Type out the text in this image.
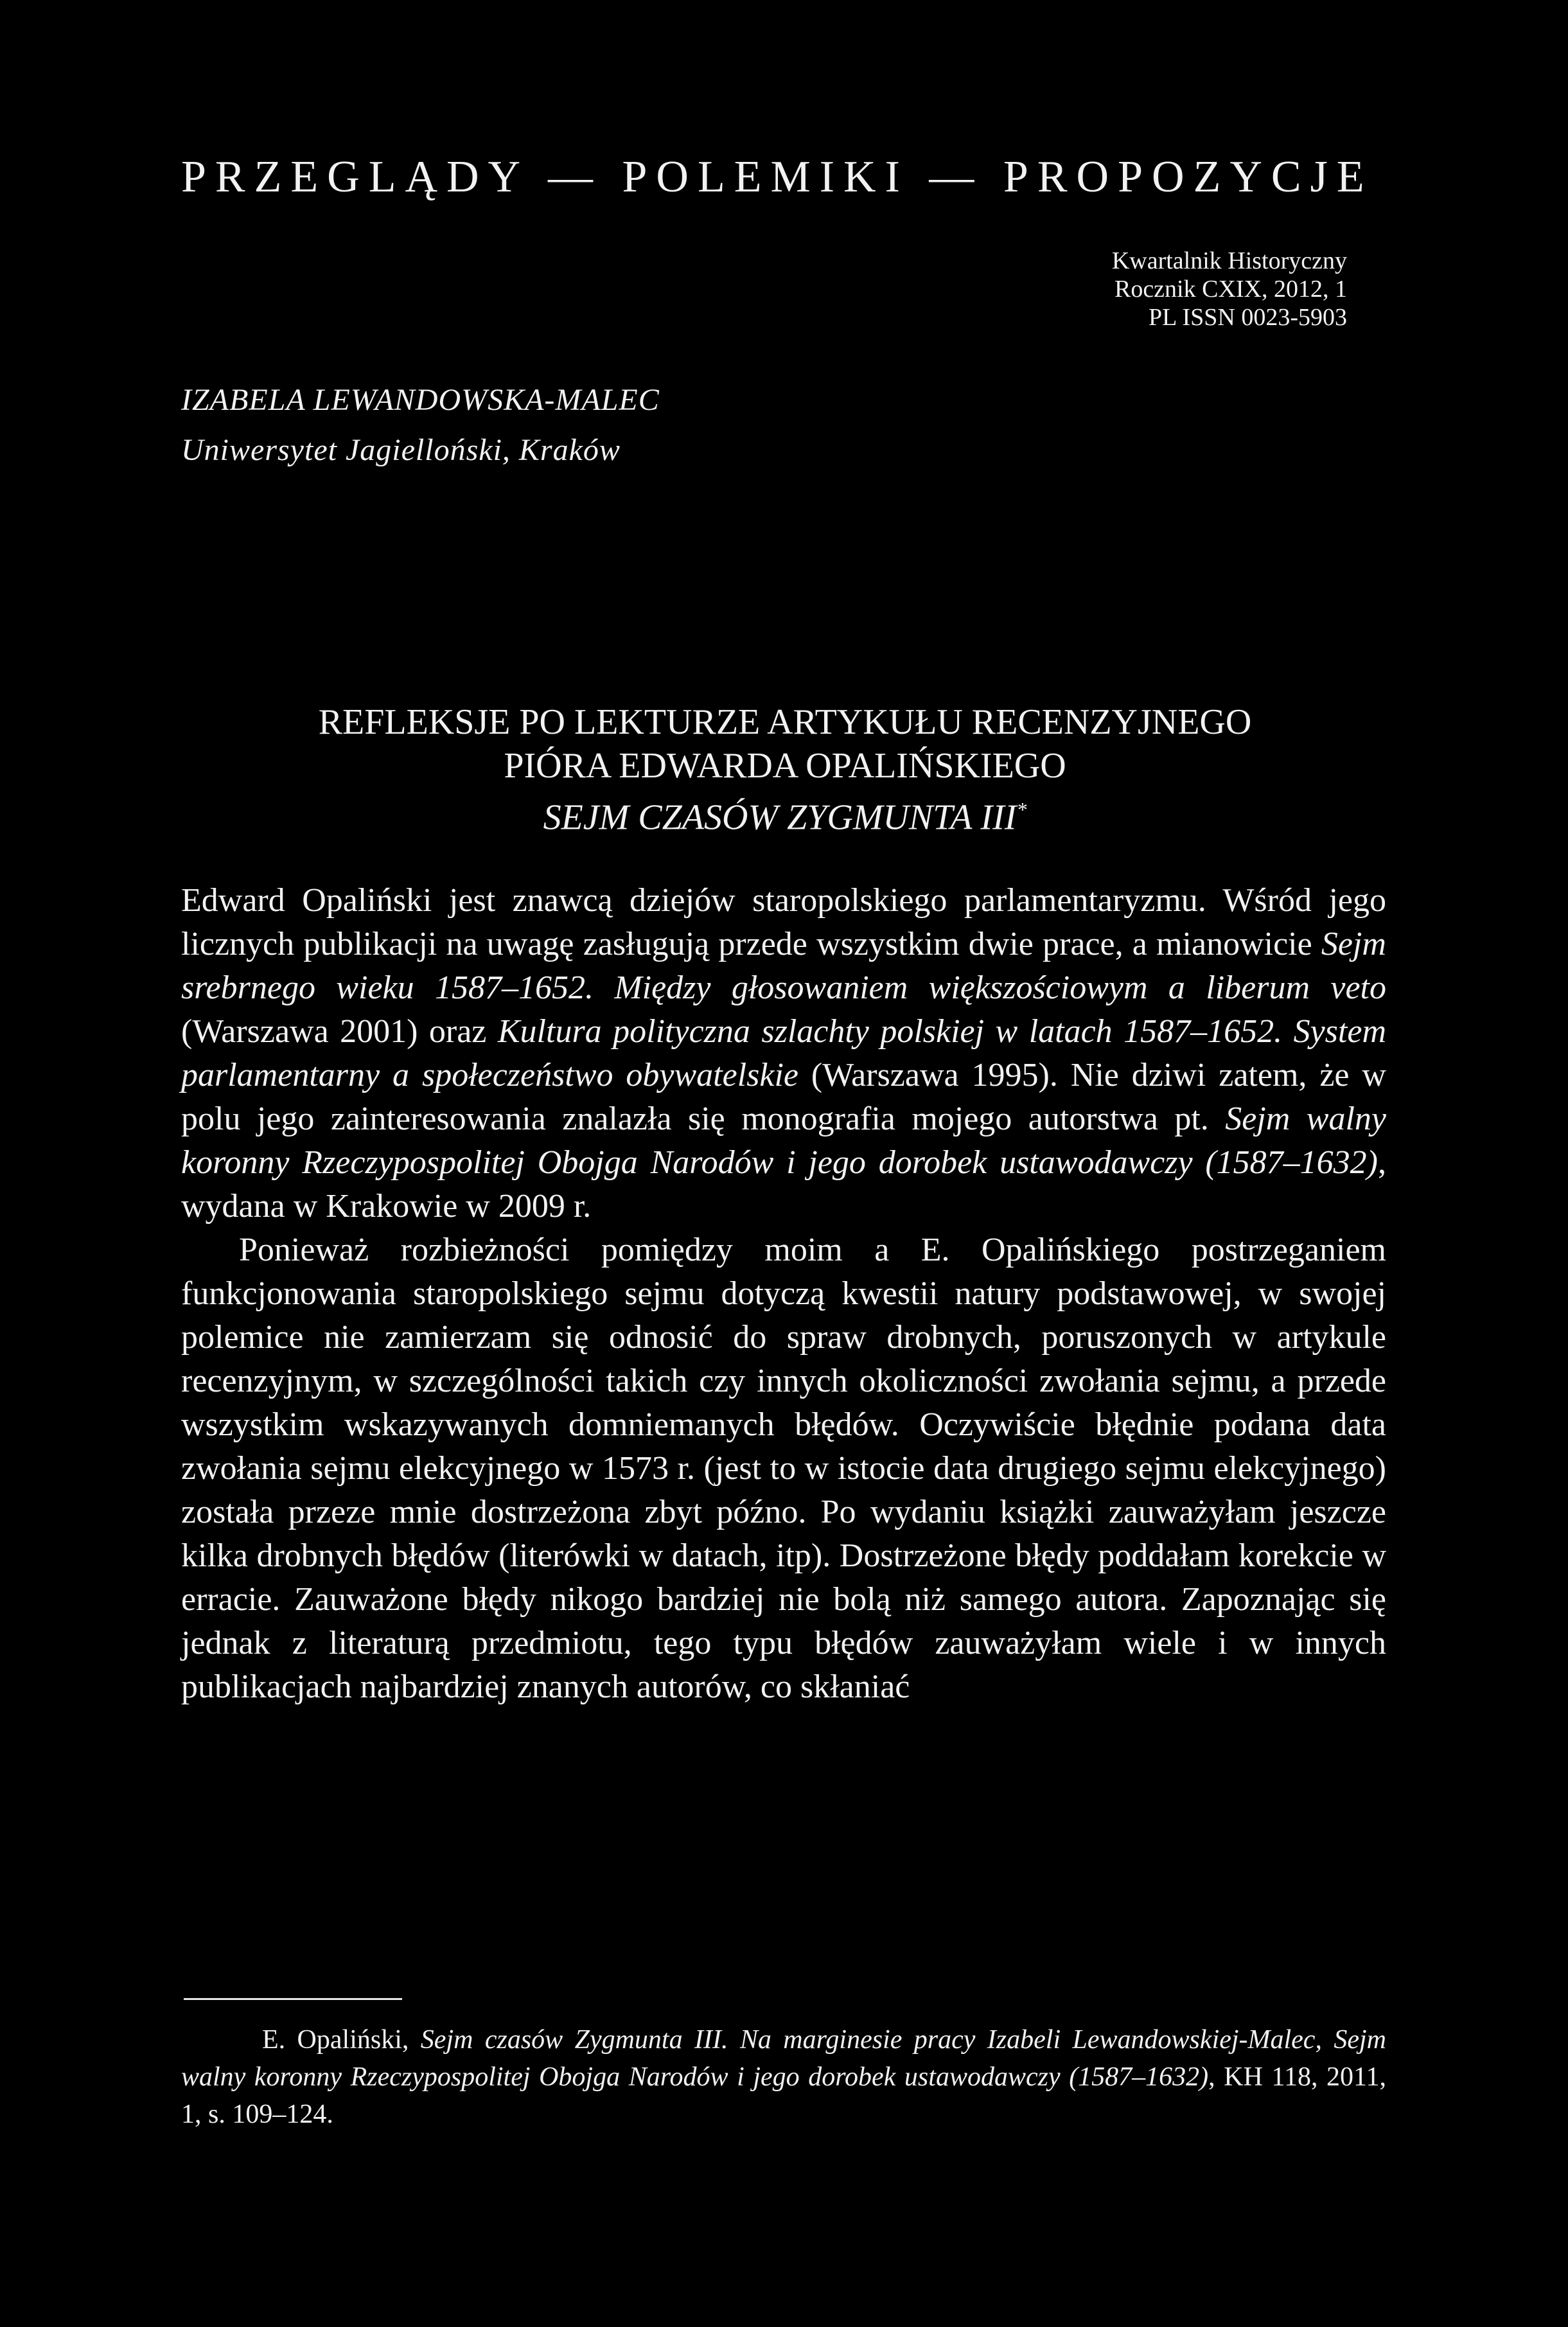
PRZEGLĄDY — POLEMIKI — PROPOZYCJE
Kwartalnik Historyczny
Rocznik CXIX, 2012, 1
PL ISSN 0023-5903
IZABELA LEWANDOWSKA-MALEC
Uniwersytet Jagielloński, Kraków
REFLEKSJE PO LEKTURZE ARTYKUŁU RECENZYJNEGO
PIÓRA EDWARDA OPALIŃSKIEGO
SEJM CZASÓW ZYGMUNTA III*

Edward Opaliński jest znawcą dziejów staropolskiego parlamentaryzmu. Wśród jego licznych publikacji na uwagę zasługują przede wszystkim dwie prace, a mianowicie Sejm srebrnego wieku 1587–1652. Między głosowaniem większościowym a liberum veto (Warszawa 2001) oraz Kultura polityczna szlachty polskiej w latach 1587–1652. System parlamentarny a społeczeństwo obywatelskie (Warszawa 1995). Nie dziwi zatem, że w polu jego zainteresowania znalazła się monografia mojego autorstwa pt. Sejm walny koronny Rzeczypospolitej Obojga Narodów i jego dorobek ustawodawczy (1587–1632), wydana w Krakowie w 2009 r.

Ponieważ rozbieżności pomiędzy moim a E. Opalińskiego postrzeganiem funkcjonowania staropolskiego sejmu dotyczą kwestii natury podstawowej, w swojej polemice nie zamierzam się odnosić do spraw drobnych, poruszonych w artykule recenzyjnym, w szczególności takich czy innych okoliczności zwołania sejmu, a przede wszystkim wskazywanych domniemanych błędów. Oczywiście błędnie podana data zwołania sejmu elekcyjnego w 1573 r. (jest to w istocie data drugiego sejmu elekcyjnego) została przeze mnie dostrzeżona zbyt późno. Po wydaniu książki zauważyłam jeszcze kilka drobnych błędów (literówki w datach, itp). Dostrzeżone błędy poddałam korekcie w erracie. Zauważone błędy nikogo bardziej nie bolą niż samego autora. Zapoznając się jednak z literaturą przedmiotu, tego typu błędów zauważyłam wiele i w innych publikacjach najbardziej znanych autorów, co skłaniać

E. Opaliński, Sejm czasów Zygmunta III. Na marginesie pracy Izabeli Lewandowskiej-Malec, Sejm walny koronny Rzeczypospolitej Obojga Narodów i jego dorobek ustawodawczy (1587–1632), KH 118, 2011, 1, s. 109–124.
